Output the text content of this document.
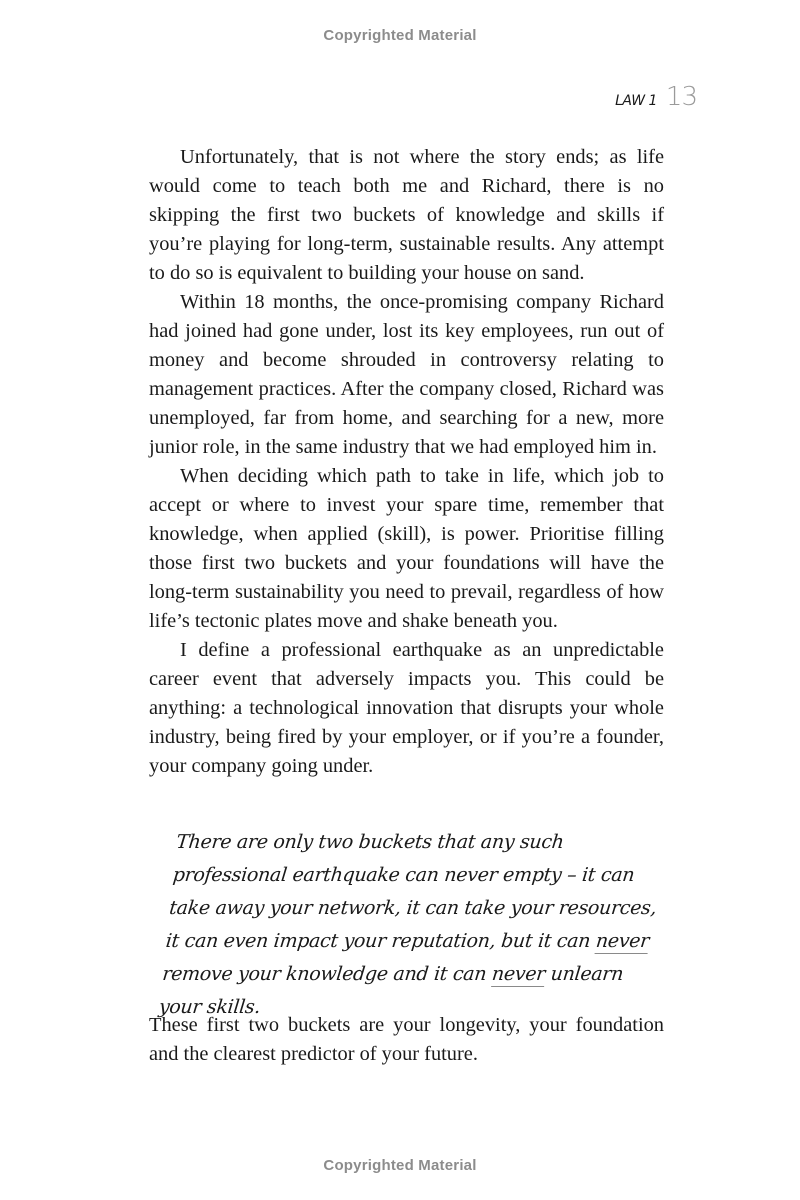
Copyrighted Material
LAW 1 13

Unfortunately, that is not where the story ends; as life would come to teach both me and Richard, there is no skipping the first two buckets of knowledge and skills if you’re playing for long-term, sustainable results. Any attempt to do so is equivalent to building your house on sand.

Within 18 months, the once-promising company Richard had joined had gone under, lost its key employees, run out of money and become shrouded in controversy relating to management practices. After the company closed, Richard was unemployed, far from home, and searching for a new, more junior role, in the same industry that we had employed him in.

When deciding which path to take in life, which job to accept or where to invest your spare time, remember that knowledge, when applied (skill), is power. Prioritise filling those first two buckets and your foundations will have the long-term sustainability you need to prevail, regardless of how life’s tectonic plates move and shake beneath you.

I define a professional earthquake as an unpredictable career event that adversely impacts you. This could be anything: a technological innovation that disrupts your whole industry, being fired by your employer, or if you’re a founder, your company going under.

There are only two buckets that any such professional earthquake can never empty – it can take away your network, it can take your resources, it can even impact your reputation, but it can never remove your knowledge and it can never unlearn your skills.

These first two buckets are your longevity, your foundation and the clearest predictor of your future.

Copyrighted Material
